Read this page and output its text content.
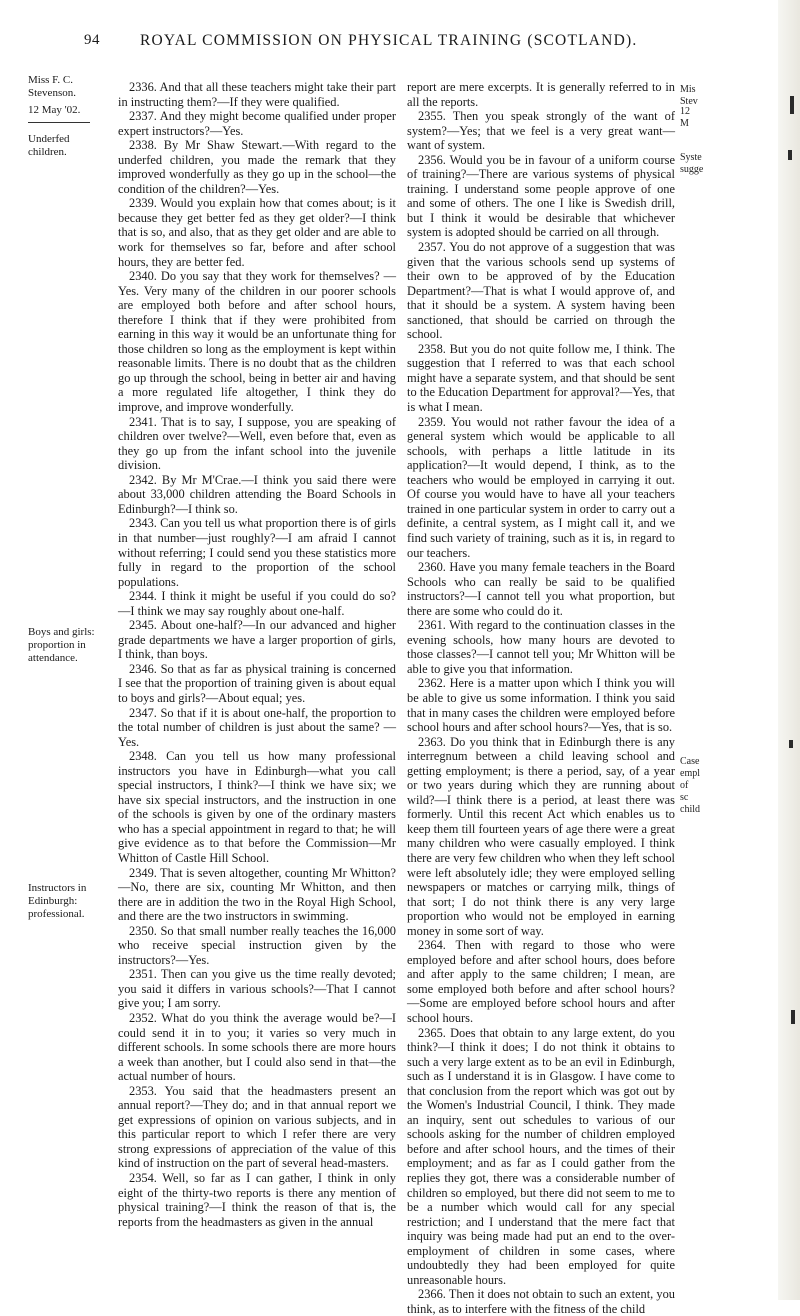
94	ROYAL COMMISSION ON PHYSICAL TRAINING (SCOTLAND).
Miss F. C. Stevenson.
12 May '02.
Underfed children.
Boys and girls: proportion in attendance.
Instructors in Edinburgh: professional.

2336. And that all these teachers might take their part in instructing them?—If they were qualified.

2337. And they might become qualified under proper expert instructors?—Yes.

2338. By Mr Shaw Stewart.—With regard to the underfed children, you made the remark that they improved wonderfully as they go up in the school—the condition of the children?—Yes.

2339. Would you explain how that comes about; is it because they get better fed as they get older?—I think that is so, and also, that as they get older and are able to work for themselves so far, before and after school hours, they are better fed.

2340. Do you say that they work for themselves? —Yes. Very many of the children in our poorer schools are employed both before and after school hours, therefore I think that if they were prohibited from earning in this way it would be an unfortunate thing for those children so long as the employment is kept within reasonable limits. There is no doubt that as the children go up through the school, being in better air and having a more regulated life altogether, I think they do improve, and improve wonderfully.

2341. That is to say, I suppose, you are speaking of children over twelve?—Well, even before that, even as they go up from the infant school into the juvenile division.

2342. By Mr M'Crae.—I think you said there were about 33,000 children attending the Board Schools in Edinburgh?—I think so.

2343. Can you tell us what proportion there is of girls in that number—just roughly?—I am afraid I cannot without referring; I could send you these statistics more fully in regard to the proportion of the school populations.

2344. I think it might be useful if you could do so? —I think we may say roughly about one-half.

2345. About one-half?—In our advanced and higher grade departments we have a larger proportion of girls, I think, than boys.

2346. So that as far as physical training is concerned I see that the proportion of training given is about equal to boys and girls?—About equal; yes.

2347. So that if it is about one-half, the proportion to the total number of children is just about the same? —Yes.

2348. Can you tell us how many professional instructors you have in Edinburgh—what you call special instructors, I think?—I think we have six; we have six special instructors, and the instruction in one of the schools is given by one of the ordinary masters who has a special appointment in regard to that; he will give evidence as to that before the Commission—Mr Whitton of Castle Hill School.

2349. That is seven altogether, counting Mr Whitton?—No, there are six, counting Mr Whitton, and then there are in addition the two in the Royal High School, and there are the two instructors in swimming.

2350. So that small number really teaches the 16,000 who receive special instruction given by the instructors?—Yes.

2351. Then can you give us the time really devoted; you said it differs in various schools?—That I cannot give you; I am sorry.

2352. What do you think the average would be?—I could send it in to you; it varies so very much in different schools. In some schools there are more hours a week than another, but I could also send in that—the actual number of hours.

2353. You said that the headmasters present an annual report?—They do; and in that annual report we get expressions of opinion on various subjects, and in this particular report to which I refer there are very strong expressions of appreciation of the value of this kind of instruction on the part of several head-masters.

2354. Well, so far as I can gather, I think in only eight of the thirty-two reports is there any mention of physical training?—I think the reason of that is, the reports from the headmasters as given in the annual

report are mere excerpts. It is generally referred to in all the reports.

2355. Then you speak strongly of the want of system?—Yes; that we feel is a very great want—want of system.

2356. Would you be in favour of a uniform course of training?—There are various systems of physical training. I understand some people approve of one and some of others. The one I like is Swedish drill, but I think it would be desirable that whichever system is adopted should be carried on all through.

2357. You do not approve of a suggestion that was given that the various schools send up systems of their own to be approved of by the Education Department?—That is what I would approve of, and that it should be a system. A system having been sanctioned, that should be carried on through the school.

2358. But you do not quite follow me, I think. The suggestion that I referred to was that each school might have a separate system, and that should be sent to the Education Department for approval?—Yes, that is what I mean.

2359. You would not rather favour the idea of a general system which would be applicable to all schools, with perhaps a little latitude in its application?—It would depend, I think, as to the teachers who would be employed in carrying it out. Of course you would have to have all your teachers trained in one particular system in order to carry out a definite, a central system, as I might call it, and we find such variety of training, such as it is, in regard to our teachers.

2360. Have you many female teachers in the Board Schools who can really be said to be qualified instructors?—I cannot tell you what proportion, but there are some who could do it.

2361. With regard to the continuation classes in the evening schools, how many hours are devoted to those classes?—I cannot tell you; Mr Whitton will be able to give you that information.

2362. Here is a matter upon which I think you will be able to give us some information. I think you said that in many cases the children were employed before school hours and after school hours?—Yes, that is so.

2363. Do you think that in Edinburgh there is any interregnum between a child leaving school and getting employment; is there a period, say, of a year or two years during which they are running about wild?—I think there is a period, at least there was formerly. Until this recent Act which enables us to keep them till fourteen years of age there were a great many children who were casually employed. I think there are very few children who when they left school were left absolutely idle; they were employed selling newspapers or matches or carrying milk, things of that sort; I do not think there is any very large proportion who would not be employed in earning money in some sort of way.

2364. Then with regard to those who were employed before and after school hours, does before and after apply to the same children; I mean, are some employed both before and after school hours?—Some are employed before school hours and after school hours.

2365. Does that obtain to any large extent, do you think?—I think it does; I do not think it obtains to such a very large extent as to be an evil in Edinburgh, such as I understand it is in Glasgow. I have come to that conclusion from the report which was got out by the Women's Industrial Council, I think. They made an inquiry, sent out schedules to various of our schools asking for the number of children employed before and after school hours, and the times of their employment; and as far as I could gather from the replies they got, there was a considerable number of children so employed, but there did not seem to me to be a number which would call for any special restriction; and I understand that the mere fact that inquiry was being made had put an end to the over-employment of children in some cases, where undoubtedly they had been employed for quite unreasonable hours.

2366. Then it does not obtain to such an extent, you think, as to interfere with the fitness of the child

Mis Stev
12 M
Syste sugge
Case empl of sc child
